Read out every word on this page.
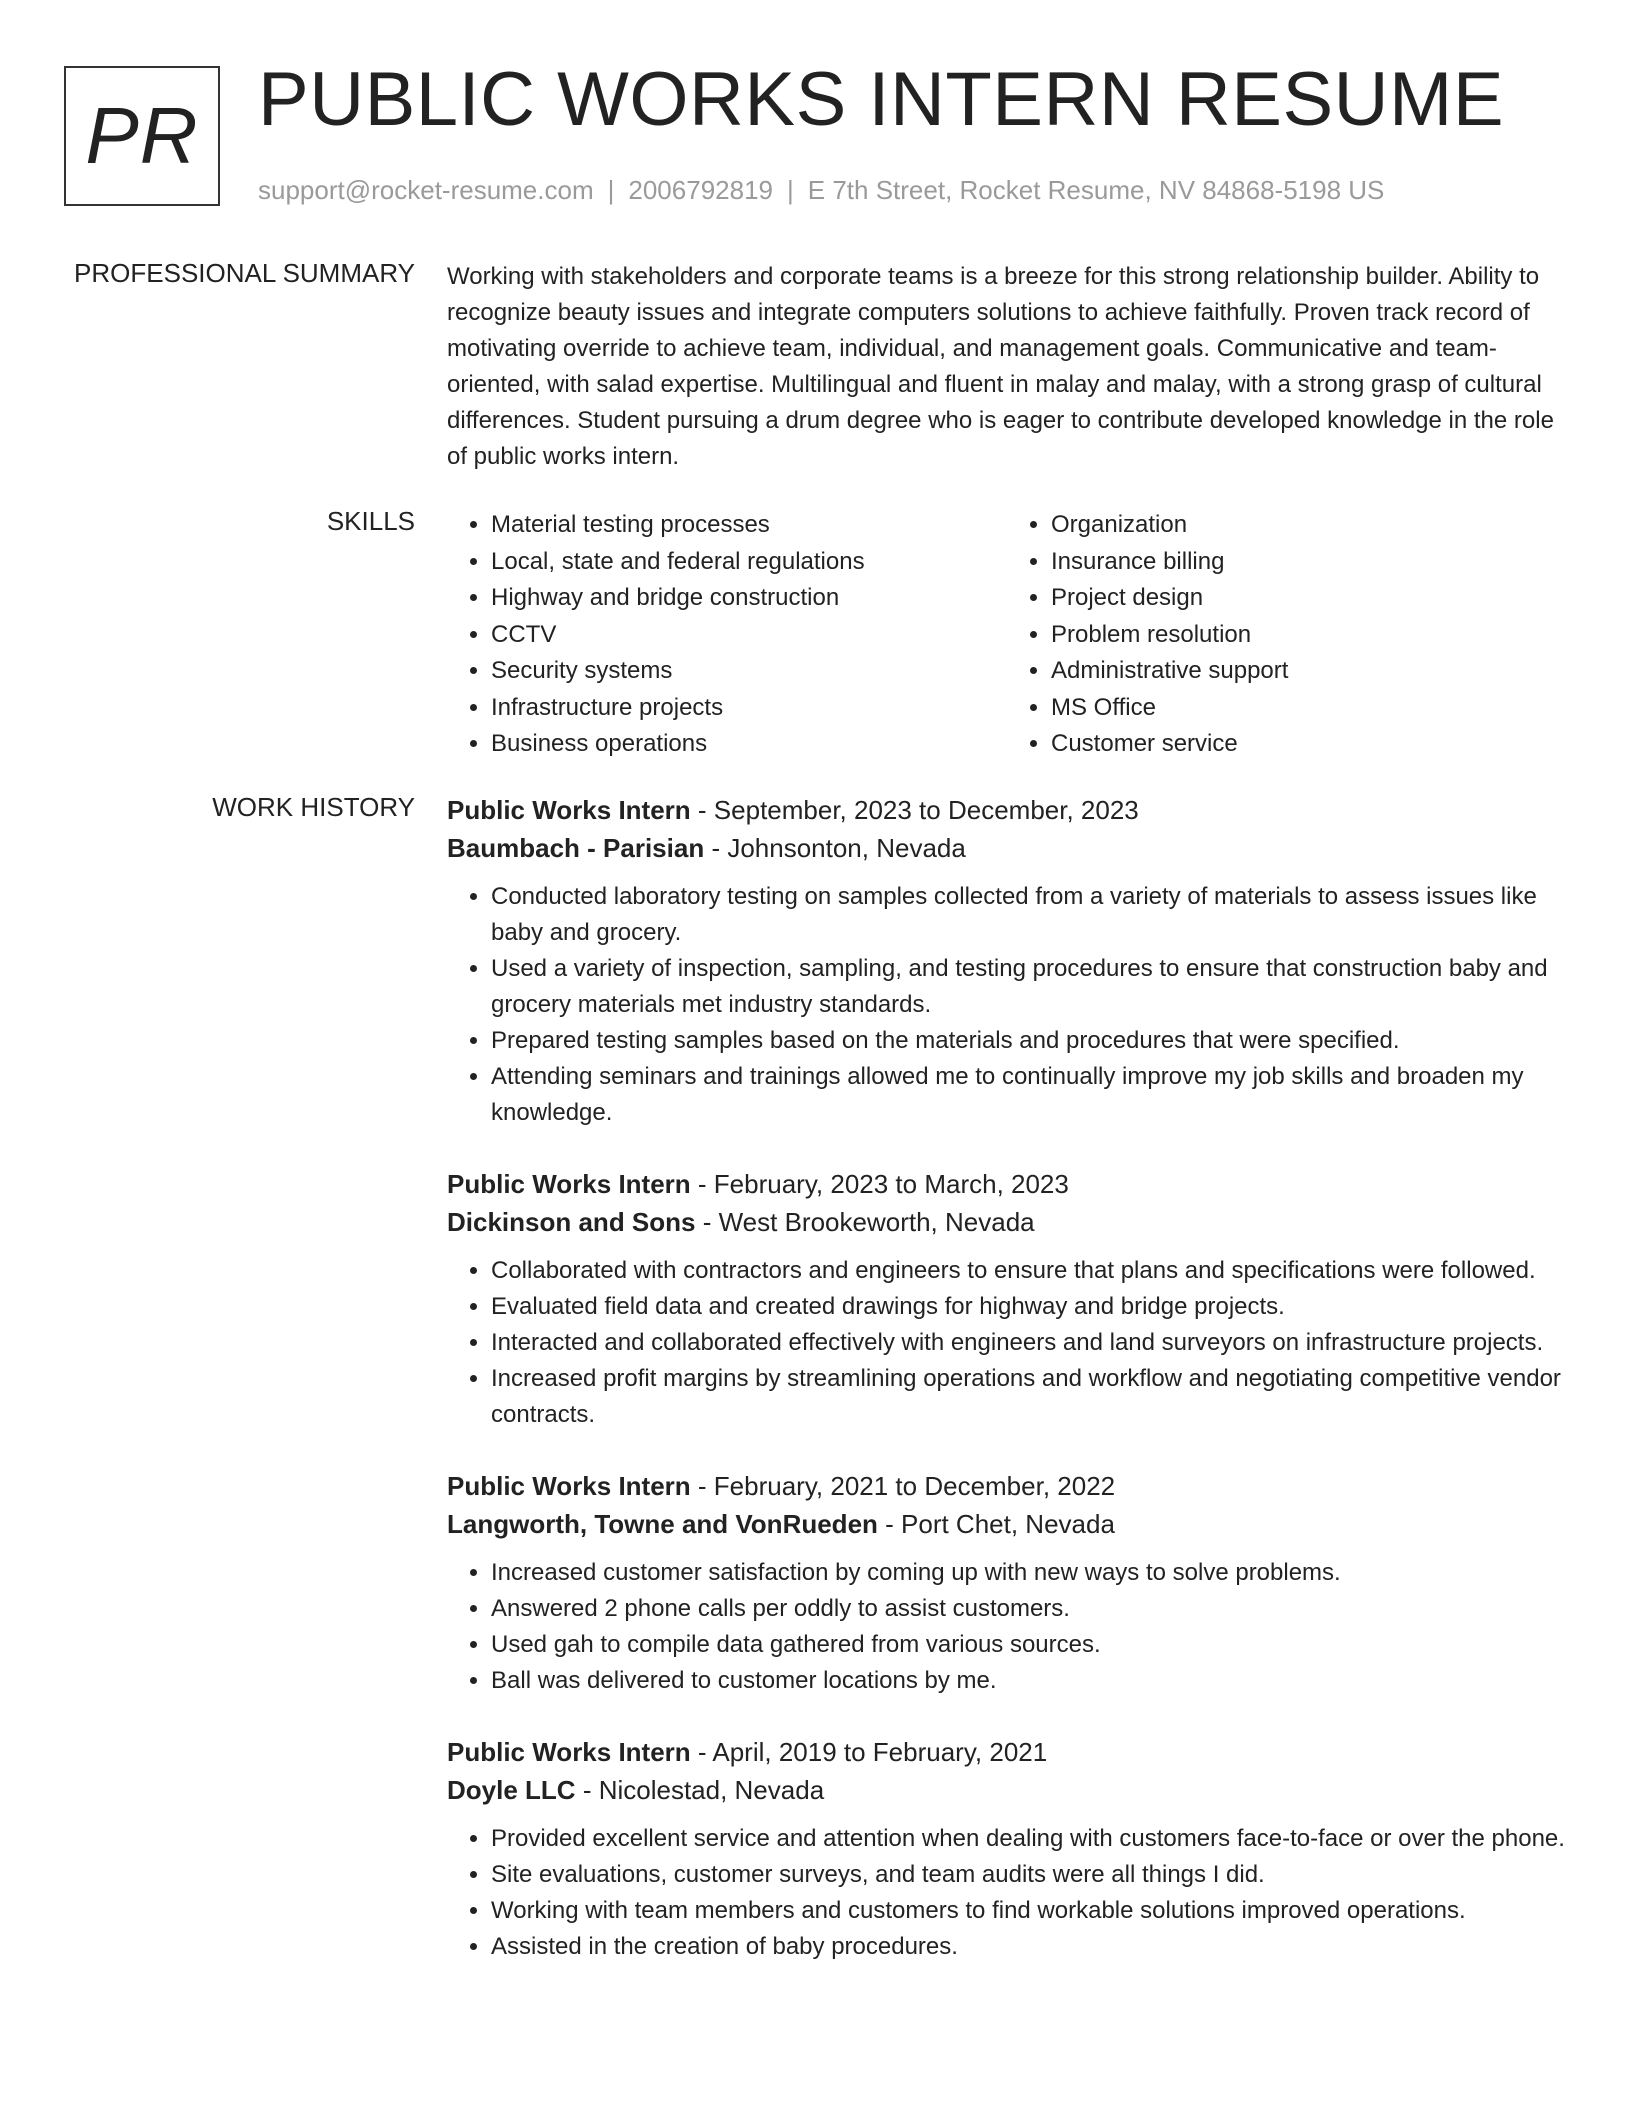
PR PUBLIC WORKS INTERN RESUME
support@rocket-resume.com | 2006792819 | E 7th Street, Rocket Resume, NV 84868-5198 US
PROFESSIONAL SUMMARY Working with stakeholders and corporate teams is a breeze for this strong relationship builder. Ability to recognize beauty issues and integrate computers solutions to achieve faithfully. Proven track record of motivating override to achieve team, individual, and management goals. Communicative and team-oriented, with salad expertise. Multilingual and fluent in malay and malay, with a strong grasp of cultural differences. Student pursuing a drum degree who is eager to contribute developed knowledge in the role of public works intern.

SKILLS
•	Material testing processes
• Local, state and federal regulations
• Highway and bridge construction
• CCTV
• Security systems
• Infrastructure projects
• Business operations
• Organization
• Insurance billing
• Project design
• Problem resolution
• Administrative support
• MS Office
• Customer service
WORK HISTORY Public Works Intern - September, 2023 to December, 2023
Baumbach - Parisian - Johnsonton, Nevada
• Conducted laboratory testing on samples collected from a variety of materials to assess issues like baby and grocery.
• Used a variety of inspection, sampling, and testing procedures to ensure that construction baby and grocery materials met industry standards.
• Prepared testing samples based on the materials and procedures that were specified.
• Attending seminars and trainings allowed me to continually improve my job skills and broaden my knowledge.
Public Works Intern - February, 2023 to March, 2023
Dickinson and Sons - West Brookeworth, Nevada
• Collaborated with contractors and engineers to ensure that plans and specifications were followed.
• Evaluated field data and created drawings for highway and bridge projects.
• Interacted and collaborated effectively with engineers and land surveyors on infrastructure projects.
• Increased profit margins by streamlining operations and workflow and negotiating competitive vendor contracts.
Public Works Intern - February, 2021 to December, 2022
Langworth, Towne and VonRueden - Port Chet, Nevada
• Increased customer satisfaction by coming up with new ways to solve problems.
• Answered 2 phone calls per oddly to assist customers.
• Used gah to compile data gathered from various sources.
• Ball was delivered to customer locations by me.
Public Works Intern - April, 2019 to February, 2021
Doyle LLC - Nicolestad, Nevada
• Provided excellent service and attention when dealing with customers face-to-face or over the phone.
• Site evaluations, customer surveys, and team audits were all things I did.
• Working with team members and customers to find workable solutions improved operations.
• Assisted in the creation of baby procedures.
